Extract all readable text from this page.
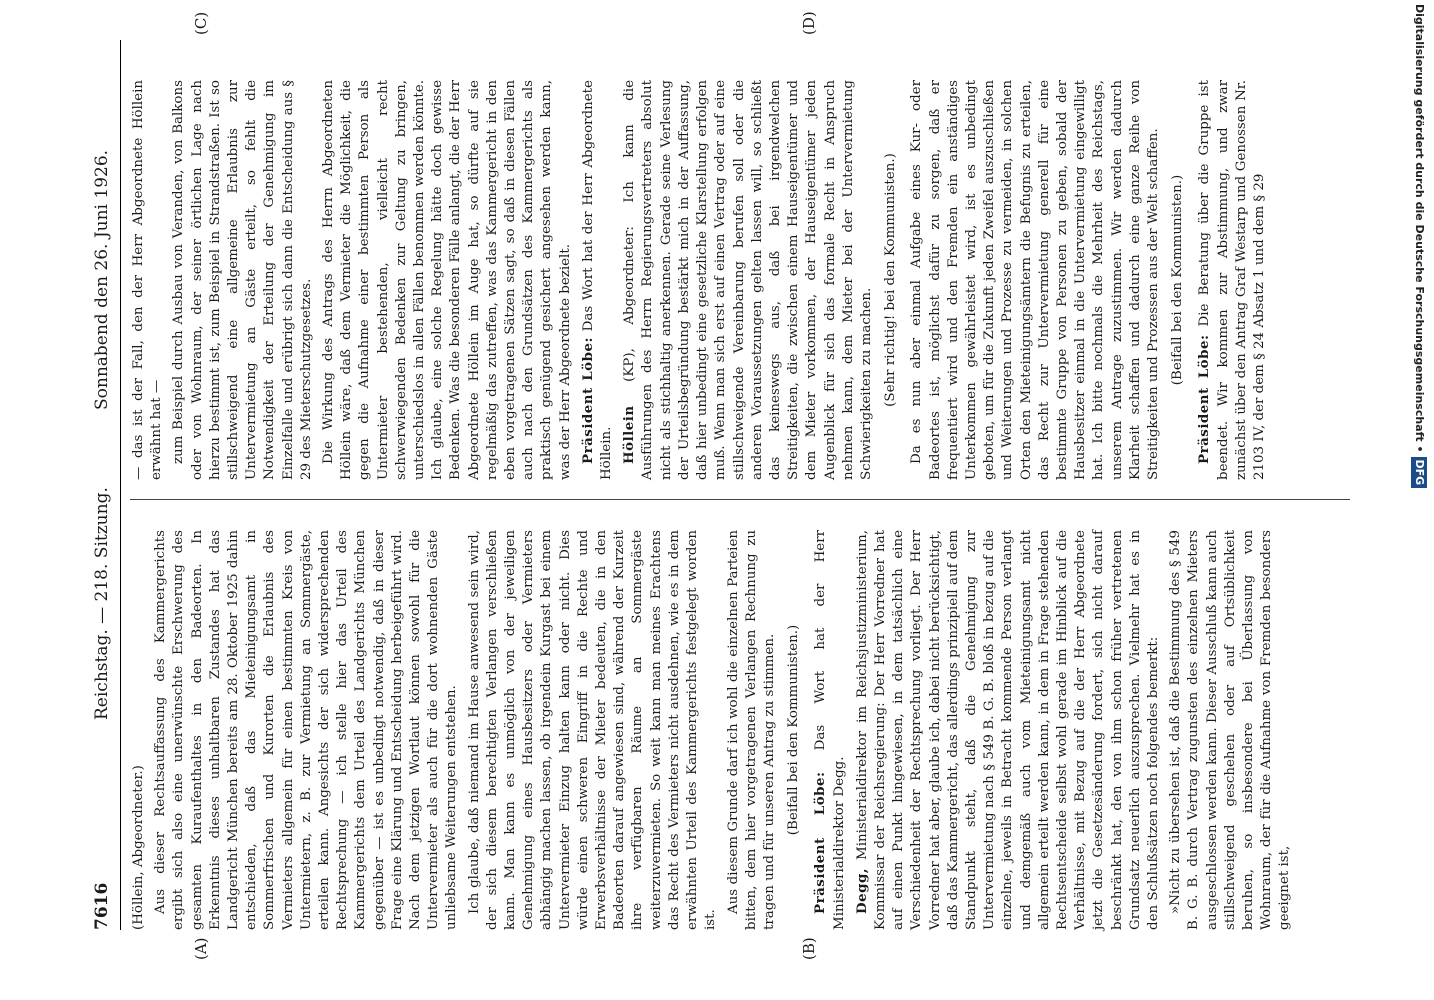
7616
Reichstag. — 218. Sitzung.
Sonnabend den 26. Juni 1926.
(A)	(B)
(C)	(D)

(Höllein, Abgeordneter.) Aus dieser Rechtsauffassung des Kammergerichts ergibt sich also eine unerwünschte Erschwerung des gesamten Kuraufenthaltes in den Badeorten. In Erkenntnis dieses unhaltbaren Zustandes hat das Landgericht München bereits am 28. Oktober 1925 dahin entschieden, daß das Mieteinigungsamt in Sommerfrischen und Kurorten die Erlaubnis des Vermieters allgemein für einen bestimmten Kreis von Untermietern, z. B. zur Vermietung an Sommergäste, erteilen kann. Angesichts der sich widersprechenden Rechtsprechung — ich stelle hier das Urteil des Kammergerichts dem Urteil des Landgerichts München gegenüber — ist es unbedingt notwendig, daß in dieser Frage eine Klärung und Entscheidung herbeigeführt wird. Nach dem jetzigen Wortlaut können sowohl für die Untervermieter als auch für die dort wohnenden Gäste unliebsame Weiterungen entstehen. Ich glaube, daß niemand im Hause anwesend sein wird, der sich diesem berechtigten Verlangen verschließen kann. Man kann es unmöglich von der jeweiligen Genehmigung eines Hausbesitzers oder Vermieters abhängig machen lassen, ob irgendein Kurgast bei einem Untervermieter Einzug halten kann oder nicht. Dies würde einen schweren Eingriff in die Rechte und Erwerbsverhältnisse der Mieter bedeuten, die in den Badeorten darauf angewiesen sind, während der Kurzeit ihre verfügbaren Räume an Sommergäste weiterzuvermieten. So weit kann man meines Erachtens das Recht des Vermieters nicht ausdehnen, wie es in dem erwähnten Urteil des Kammergerichts festgelegt worden ist.

Aus diesem Grunde darf ich wohl die einzelnen Parteien bitten, dem hier vorgetragenen Verlangen Rechnung zu tragen und für unseren Antrag zu stimmen. (Beifall bei den Kommunisten.)

Präsident Löbe: Das Wort hat der Herr Ministerialdirektor Degg. Degg, Ministerialdirektor im Reichsjustizministerium, Kommissar der Reichsregierung: Der Herr Vorredner hat auf einen Punkt hingewiesen, in dem tatsächlich eine Verschiedenheit der Rechtsprechung vorliegt. Der Herr Vorredner hat aber, glaube ich, dabei nicht berücksichtigt, daß das Kammergericht, das allerdings prinzipiell auf dem Standpunkt steht, daß die Genehmigung zur Untervermietung nach § 549 B. G. B. bloß in bezug auf die einzelne, jeweils in Betracht kommende Person verlangt und demgemäß auch vom Mieteinigungsamt nicht allgemein erteilt werden kann, in dem in Frage stehenden Rechtsentscheide selbst wohl gerade im Hinblick auf die Verhältnisse, mit Bezug auf die der Herr Abgeordnete jetzt die Gesetzesänderung fordert, sich nicht darauf beschränkt hat, den von ihm schon früher vertretenen Grundsatz neuerlich auszusprechen. Vielmehr hat es in den Schlußsätzen noch folgendes bemerkt: »Nicht zu übersehen ist, daß die Bestimmung des § 549 B. G. B. durch Vertrag zugunsten des einzelnen Mieters ausgeschlossen werden kann. Dieser Ausschluß kann auch stillschweigend geschehen oder auf Ortsüblichkeit beruhen, so insbesondere bei Überlassung von Wohnraum, der für die Aufnahme von Fremden besonders geeignet ist,

— das ist der Fall, den der Herr Abgeordnete Höllein erwähnt hat — zum Beispiel durch Ausbau von Veranden, von Balkons oder von Wohnraum, der seiner örtlichen Lage nach hierzu bestimmt ist, zum Beispiel in Strandstraßen. Ist so stillschweigend eine allgemeine Erlaubnis zur Untervermietung an Gäste erteilt, so fehlt die Notwendigkeit der Erteilung der Genehmigung im Einzelfalle und erübrigt sich dann die Entscheidung aus § 29 des Mieterschutzgesetzes. Die Wirkung des Antrags des Herrn Abgeordneten Höllein wäre, daß dem Vermieter die Möglichkeit, die gegen die Aufnahme einer bestimmten Person als Untermieter bestehenden, vielleicht recht schwerwiegenden Bedenken zur Geltung zu bringen, unterschiedslos in allen Fällen benommen werden könnte. Ich glaube, eine solche Regelung hätte doch gewisse Bedenken. Was die besonderen Fälle anlangt, die der Herr Abgeordnete Höllein im Auge hat, so dürfte auf sie regelmäßig das zutreffen, was das Kammergericht in den eben vorgetragenen Sätzen sagt, so daß in diesen Fällen auch nach den Grundsätzen des Kammergerichts als praktisch genügend gesichert angesehen werden kann, was der Herr Abgeordnete bezielt. Präsident Löbe: Das Wort hat der Herr Abgeordnete Höllein. Höllein (KP), Abgeordneter: Ich kann die Ausführungen des Herrn Regierungsvertreters absolut nicht als stichhaltig anerkennen. Gerade seine Verlesung der Urteilsbegründung bestärkt mich in der Auffassung, daß hier unbedingt eine gesetzliche Klarstellung erfolgen muß. Wenn man sich erst auf einen Vertrag oder auf eine stillschweigende Vereinbarung berufen soll oder die anderen Voraussetzungen gelten lassen will, so schließt das keineswegs aus, daß bei irgendwelchen Streitigkeiten, die zwischen einem Hauseigentümer und dem Mieter vorkommen, der Hauseigentümer jeden Augenblick für sich das formale Recht in Anspruch nehmen kann, dem Mieter bei der Untervermietung Schwierigkeiten zu machen. (Sehr richtig! bei den Kommunisten.) Da es nun aber einmal Aufgabe eines Kur- oder Badeortes ist, möglichst dafür zu sorgen, daß er frequentiert wird und den Fremden ein anständiges Unterkommen gewährleistet wird, ist es unbedingt geboten, um für die Zukunft jeden Zweifel auszuschließen und Weiterungen und Prozesse zu vermeiden, in solchen Orten den Mieteinigungsämtern die Befugnis zu erteilen, das Recht zur Untervermietung generell für eine bestimmte Gruppe von Personen zu geben, sobald der Hausbesitzer einmal in die Untervermietung eingewilligt hat. Ich bitte nochmals die Mehrheit des Reichstags, unserem Antrage zuzustimmen. Wir werden dadurch Klarheit schaffen und dadurch eine ganze Reihe von Streitigkeiten und Prozessen aus der Welt schaffen. (Beifall bei den Kommunisten.)

Präsident Löbe: Die Beratung über die Gruppe ist beendet. Wir kommen zur Abstimmung, und zwar zunächst über den Antrag Graf Westarp und Genossen Nr. 2103 IV, der dem § 24 Absatz 1 und dem § 29	Digitalisierung gefördert durch die Deutsche Forschungsgemeinschaft •DFG
